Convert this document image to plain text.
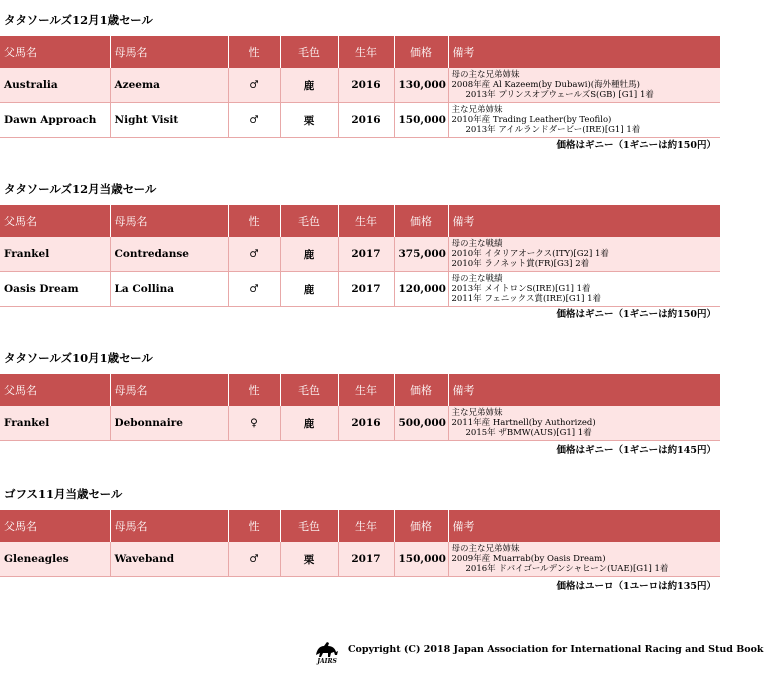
タタソールズ12月1歳セール
父馬名	母馬名	性	毛色	生年	価格	備考
Australia	Azeema	♂	鹿	2016	130,000	母の主な兄弟姉妹
2008年産 Al Kazeem(by Dubawi)(海外種牡馬)
2013年 プリンスオブウェールズS(GB) [G1] 1着

Dawn Approach	Night Visit	♂	栗	2016	150,000	主な兄弟姉妹
2010年産 Trading Leather(by Teofilo)
2013年 アイルランドダービー(IRE)[G1] 1着
価格はギニー（1ギニーは約150円）
タタソールズ12月当歳セール
父馬名	母馬名	性	毛色	生年	価格	備考
Frankel	Contredanse	♂	鹿	2017	375,000	母の主な戦績
2010年 イタリアオークス(ITY)[G2] 1着
2010年 ラノネット賞(FR)[G3] 2着
Oasis Dream	La Collina	♂	鹿	2017	120,000	母の主な戦績
2013年 メイトロンS(IRE)[G1] 1着
2011年 フェニックス賞(IRE)[G1] 1着
価格はギニー（1ギニーは約150円）
タタソールズ10月1歳セール
父馬名	母馬名	性	毛色	生年	価格	備考
Frankel	Debonnaire	♀	鹿	2016	500,000	主な兄弟姉妹
2011年産 Hartnell(by Authorized)
2015年 ザBMW(AUS)[G1] 1着
価格はギニー（1ギニーは約145円）
ゴフス11月当歳セール
父馬名	母馬名	性	毛色	生年	価格	備考
Gleneagles	Waveband	♂	栗	2017	150,000	母の主な兄弟姉妹
2009年産 Muarrab(by Oasis Dream)
2016年 ドバイゴールデンシャヒーン(UAE)[G1] 1着
価格はユーロ（1ユーロは約135円）
JAIRS
Copyright (C) 2018 Japan Association for International Racing and Stud Book
